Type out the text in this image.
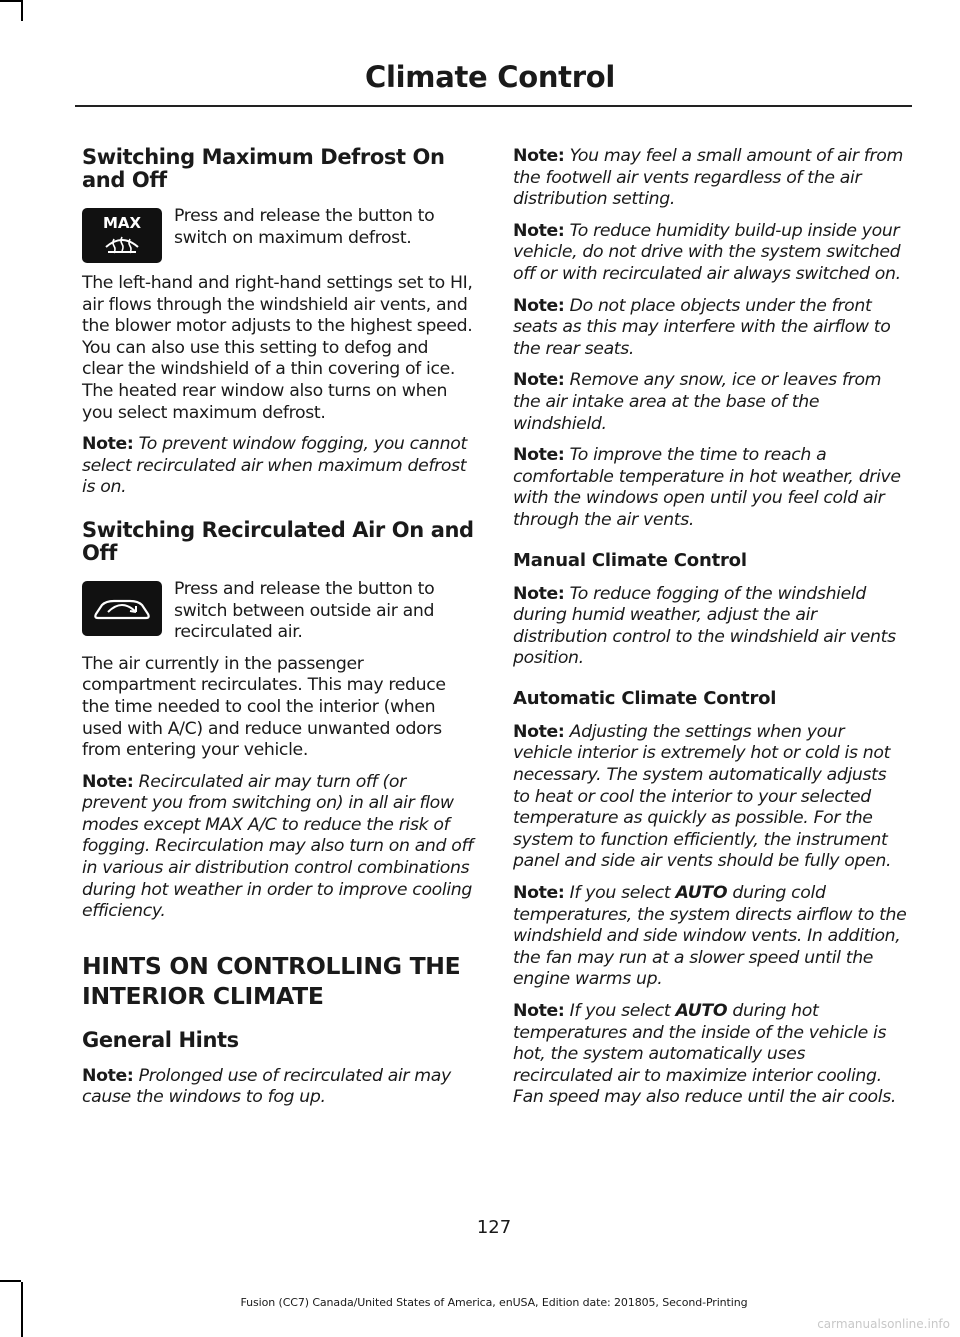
Climate Control
Switching Maximum Defrost On and Off
MAX Press and release the button to switch on maximum defrost.
The left-hand and right-hand settings set to HI, air flows through the windshield air vents, and the blower motor adjusts to the highest speed. You can also use this setting to defog and clear the windshield of a thin covering of ice. The heated rear window also turns on when you select maximum defrost.
Note: To prevent window fogging, you cannot select recirculated air when maximum defrost is on.
Switching Recirculated Air On and Off
Press and release the button to switch between outside air and recirculated air.
The air currently in the passenger compartment recirculates. This may reduce the time needed to cool the interior (when used with A/C) and reduce unwanted odors from entering your vehicle.
Note: Recirculated air may turn off (or prevent you from switching on) in all air flow modes except MAX A/C to reduce the risk of fogging. Recirculation may also turn on and off in various air distribution control combinations during hot weather in order to improve cooling efficiency.
HINTS ON CONTROLLING THE
INTERIOR CLIMATE
General Hints
Note: Prolonged use of recirculated air may cause the windows to fog up.
Note: You may feel a small amount of air from the footwell air vents regardless of the air distribution setting.
Note: To reduce humidity build-up inside your vehicle, do not drive with the system switched off or with recirculated air always switched on.
Note: Do not place objects under the front seats as this may interfere with the airflow to the rear seats.
Note: Remove any snow, ice or leaves from the air intake area at the base of the windshield.
Note: To improve the time to reach a comfortable temperature in hot weather, drive with the windows open until you feel cold air through the air vents.
Manual Climate Control
Note: To reduce fogging of the windshield during humid weather, adjust the air distribution control to the windshield air vents position.
Automatic Climate Control
Note: Adjusting the settings when your vehicle interior is extremely hot or cold is not necessary. The system automatically adjusts to heat or cool the interior to your selected temperature as quickly as possible. For the system to function efficiently, the instrument panel and side air vents should be fully open.
Note: If you select AUTO during cold temperatures, the system directs airflow to the windshield and side window vents. In addition, the fan may run at a slower speed until the engine warms up.
Note: If you select AUTO during hot temperatures and the inside of the vehicle is hot, the system automatically uses recirculated air to maximize interior cooling. Fan speed may also reduce until the air cools.
127
Fusion (CC7) Canada/United States of America, enUSA, Edition date: 201805, Second-Printing
carmanualsonline.info
